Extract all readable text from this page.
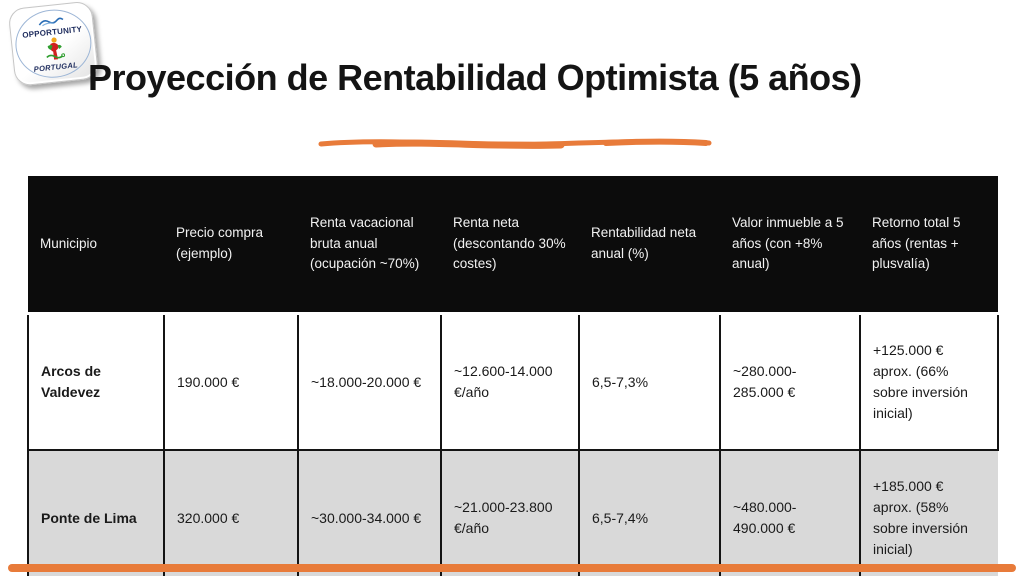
OPPORTUNITY
PORTUGAL Proyección de Rentabilidad Optimista (5 años)
Municipio	Precio compra (ejemplo)	Renta vacacional bruta anual (ocupación ~70%)	Renta neta (descontando 30% costes)	Rentabilidad neta anual (%)	Valor inmueble a 5 años (con +8% anual)	Retorno total 5 años (rentas + plusvalía)
Arcos de Valdevez	190.000 €	~18.000-20.000 €	~12.600-14.000 €/año	6,5-7,3%	~280.000-285.000 €	+125.000 € aprox. (66% sobre inversión inicial)
Ponte de Lima	320.000 €	~30.000-34.000 €	~21.000-23.800 €/año	6,5-7,4%	~480.000-490.000 €	+185.000 € aprox. (58% sobre inversión inicial)
